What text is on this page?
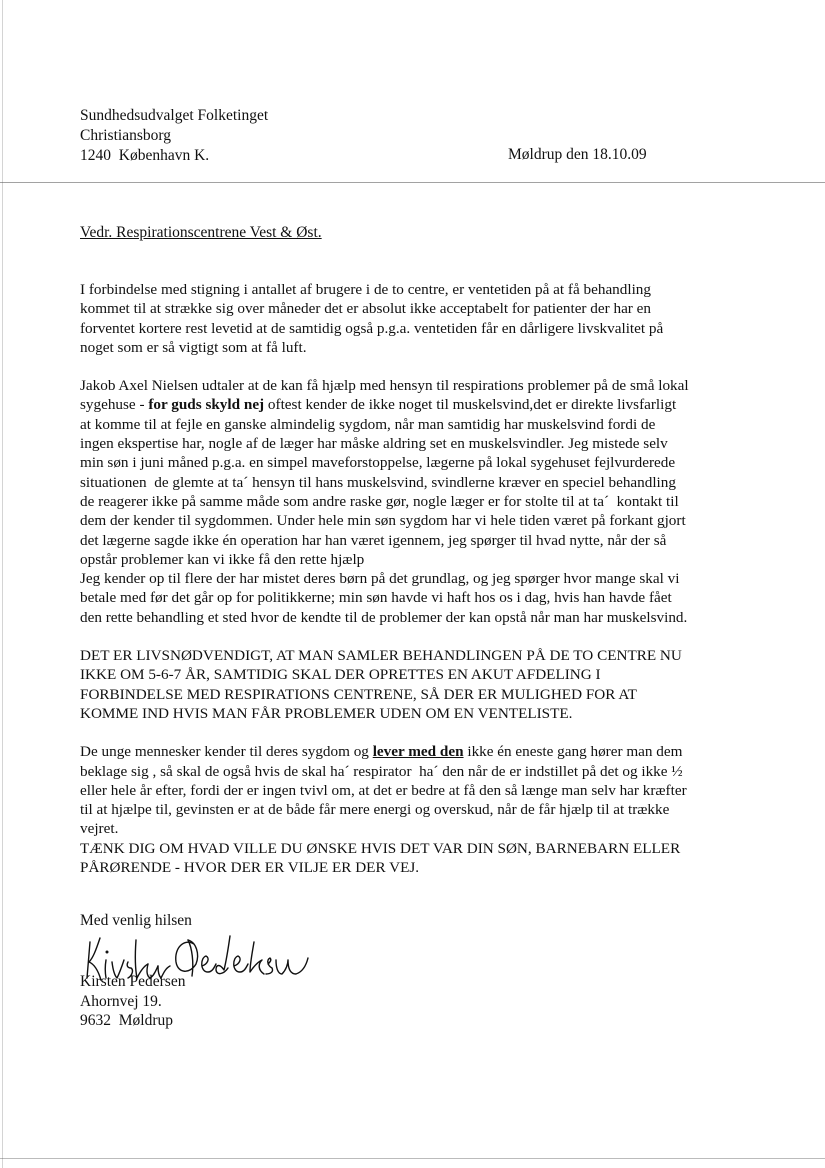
Sundhedsudvalget Folketinget
Christiansborg
1240  København K.	Møldrup den 18.10.09
Vedr. Respirationscentrene Vest & Øst.
I forbindelse med stigning i antallet af brugere i de to centre, er ventetiden på at få behandling
kommet til at strække sig over måneder det er absolut ikke acceptabelt for patienter der har en
forventet kortere rest levetid at de samtidig også p.g.a. ventetiden får en dårligere livskvalitet på
noget som er så vigtigt som at få luft.
Jakob Axel Nielsen udtaler at de kan få hjælp med hensyn til respirations problemer på de små lokal
sygehuse - for guds skyld nej oftest kender de ikke noget til muskelsvind,det er direkte livsfarligt
at komme til at fejle en ganske almindelig sygdom, når man samtidig har muskelsvind fordi de
ingen ekspertise har, nogle af de læger har måske aldring set en muskelsvindler. Jeg mistede selv
min søn i juni måned p.g.a. en simpel maveforstoppelse, lægerne på lokal sygehuset fejlvurderede
situationen  de glemte at ta´ hensyn til hans muskelsvind, svindlerne kræver en speciel behandling
de reagerer ikke på samme måde som andre raske gør, nogle læger er for stolte til at ta´  kontakt til
dem der kender til sygdommen. Under hele min søn sygdom har vi hele tiden været på forkant gjort
det lægerne sagde ikke én operation har han været igennem, jeg spørger til hvad nytte, når der så
opstår problemer kan vi ikke få den rette hjælp
Jeg kender op til flere der har mistet deres børn på det grundlag, og jeg spørger hvor mange skal vi
betale med før det går op for politikkerne; min søn havde vi haft hos os i dag, hvis han havde fået
den rette behandling et sted hvor de kendte til de problemer der kan opstå når man har muskelsvind.
DET ER LIVSNØDVENDIGT, AT MAN SAMLER BEHANDLINGEN PÅ DE TO CENTRE NU
IKKE OM 5-6-7 ÅR, SAMTIDIG SKAL DER OPRETTES EN AKUT AFDELING I
FORBINDELSE MED RESPIRATIONS CENTRENE, SÅ DER ER MULIGHED FOR AT
KOMME IND HVIS MAN FÅR PROBLEMER UDEN OM EN VENTELISTE.
De unge mennesker kender til deres sygdom og lever med den ikke én eneste gang hører man dem
beklage sig , så skal de også hvis de skal ha´ respirator  ha´ den når de er indstillet på det og ikke ½
eller hele år efter, fordi der er ingen tvivl om, at det er bedre at få den så længe man selv har kræfter
til at hjælpe til, gevinsten er at de både får mere energi og overskud, når de får hjælp til at trække
vejret.
TÆNK DIG OM HVAD VILLE DU ØNSKE HVIS DET VAR DIN SØN, BARNEBARN ELLER
PÅRØRENDE - HVOR DER ER VILJE ER DER VEJ.
Med venlig hilsen
Kirsten Pedersen
Ahornvej 19.
9632  Møldrup
